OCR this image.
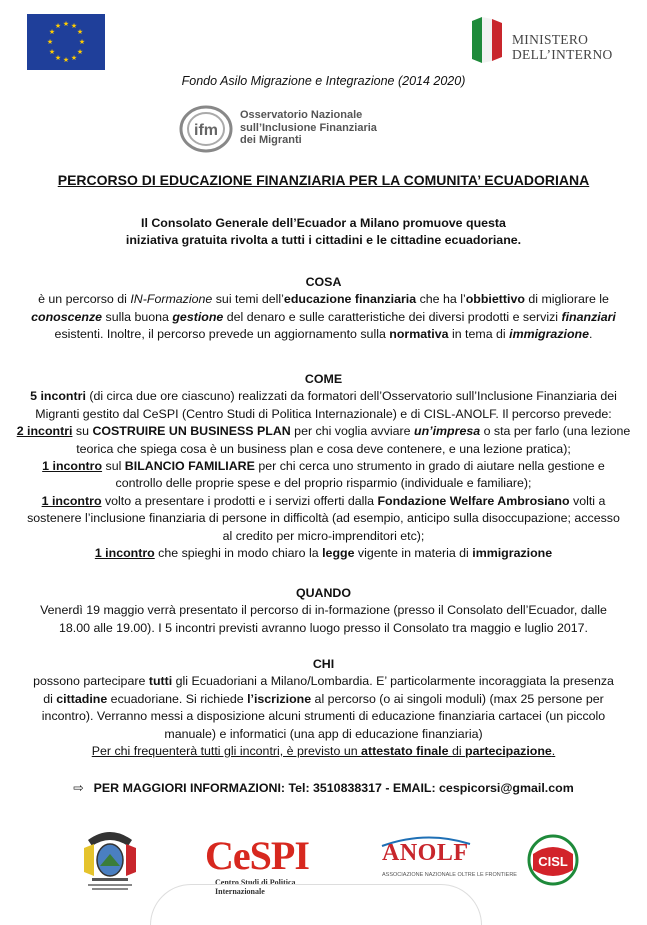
★ ★
★
★
★
★
★
★
★
★
★
★
MINISTERO
DELL’INTERNO
Fondo Asilo Migrazione e Integrazione (2014 2020)
ifm
Osservatorio Nazionale
sull’Inclusione Finanziaria
dei Migranti
PERCORSO DI EDUCAZIONE FINANZIARIA PER LA COMUNITA’ ECUADORIANA

Il Consolato Generale dell’Ecuador a Milano promuove questa

iniziativa gratuita rivolta a tutti i cittadini e le cittadine ecuadoriane.

COSA

è un percorso di IN-Formazione sui temi dell’educazione finanziaria che ha l’obbiettivo di migliorare le

conoscenze sulla buona gestione del denaro e sulle caratteristiche dei diversi prodotti e servizi finanziari

esistenti. Inoltre, il percorso prevede un aggiornamento sulla normativa in tema di immigrazione.

COME

5 incontri (di circa due ore ciascuno) realizzati da formatori dell’Osservatorio sull’Inclusione Finanziaria dei

Migranti gestito dal CeSPI (Centro Studi di Politica Internazionale) e di CISL-ANOLF. Il percorso prevede:

2 incontri su COSTRUIRE UN BUSINESS PLAN per chi voglia avviare un’impresa o sta per farlo (una lezione

teorica che spiega cosa è un business plan e cosa deve contenere, e una lezione pratica);

1 incontro sul BILANCIO FAMILIARE per chi cerca uno strumento in grado di aiutare nella gestione e

controllo delle proprie spese e del proprio risparmio (individuale e familiare);

1 incontro volto a presentare i prodotti e i servizi offerti dalla Fondazione Welfare Ambrosiano volti a

sostenere l’inclusione finanziaria di persone in difficoltà (ad esempio, anticipo sulla disoccupazione; accesso

al credito per micro-imprenditori etc);

1 incontro che spieghi in modo chiaro la legge vigente in materia di immigrazione

QUANDO

Venerdì 19 maggio verrà presentato il percorso di in-formazione (presso il Consolato dell’Ecuador, dalle

18.00 alle 19.00). I 5 incontri previsti avranno luogo presso il Consolato tra maggio e luglio 2017.

CHI

possono partecipare tutti gli Ecuadoriani a Milano/Lombardia. E’ particolarmente incoraggiata la presenza

di cittadine ecuadoriane. Si richiede l’iscrizione al percorso (o ai singoli moduli) (max 25 persone per

incontro). Verranno messi a disposizione alcuni strumenti di educazione finanziaria cartacei (un piccolo

manuale) e informatici (una app di educazione finanziaria)

Per chi frequenterà tutti gli incontri, è previsto un attestato finale di partecipazione.

⇨ PER MAGGIORI INFORMAZIONI: Tel: 3510838317 - EMAIL: cespicorsi@gmail.com
CeSPI
Centro Studi di Politica Internazionale
ANOLF
ASSOCIAZIONE NAZIONALE OLTRE LE FRONTIERE
CISL
